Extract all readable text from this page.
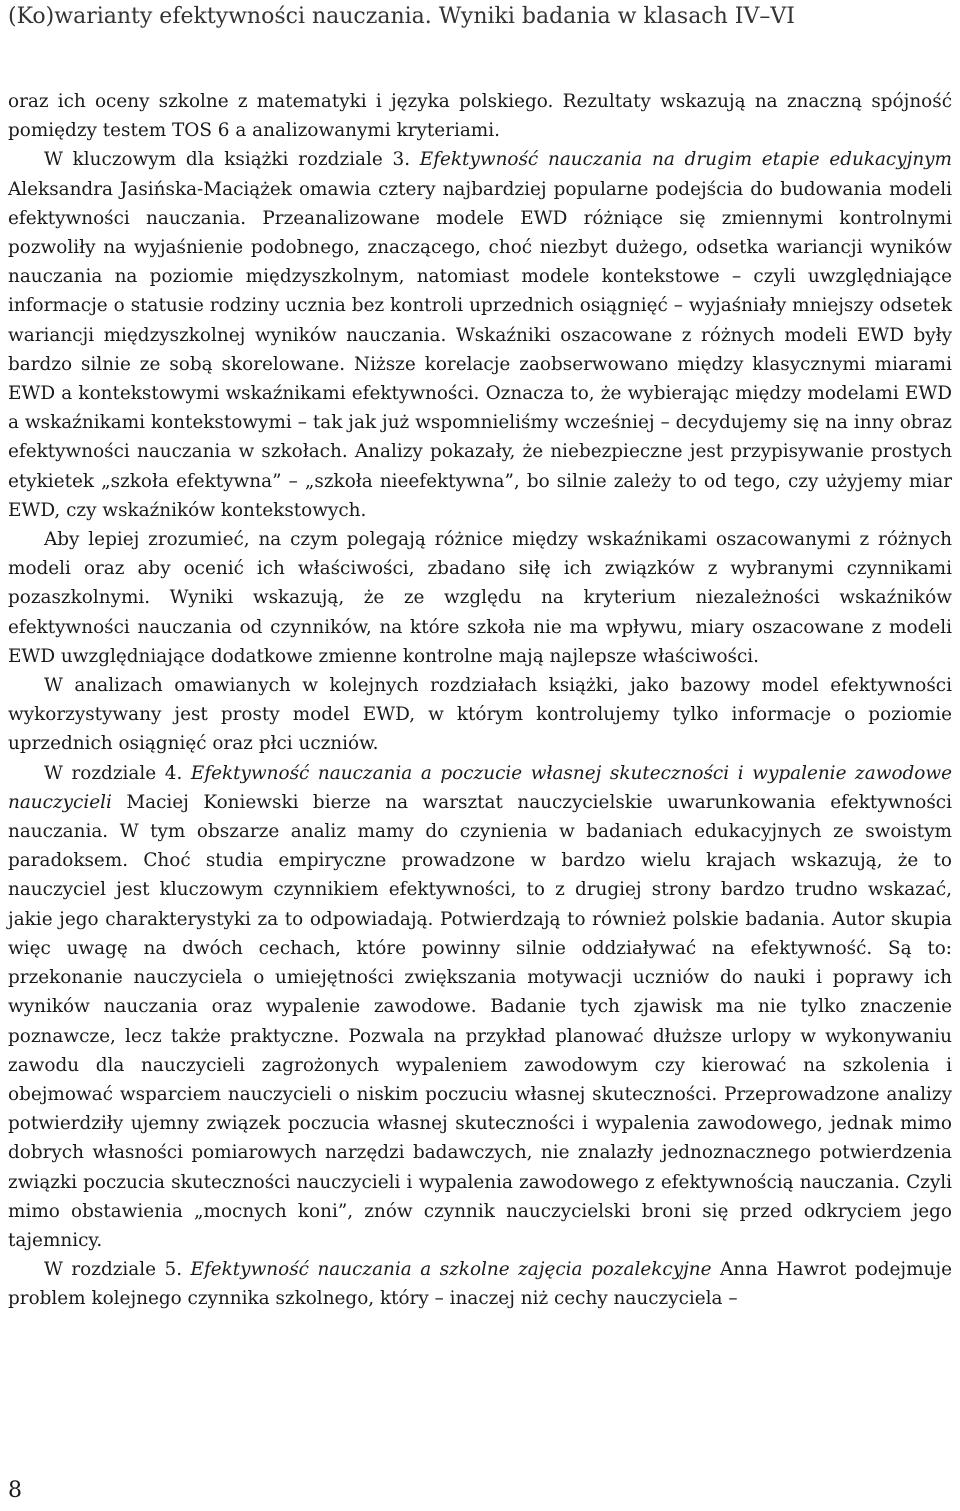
(Ko)warianty efektywności nauczania. Wyniki badania w klasach IV–VI

oraz ich oceny szkolne z matematyki i języka polskiego. Rezultaty wskazują na znaczną spójność pomiędzy testem TOS 6 a analizowanymi kryteriami.

W kluczowym dla książki rozdziale 3. Efektywność nauczania na drugim etapie edukacyjnym Aleksandra Jasińska-Maciążek omawia cztery najbardziej popularne podejścia do budowania modeli efektywności nauczania. Przeanalizowane modele EWD różniące się zmiennymi kontrolnymi pozwoliły na wyjaśnienie podobnego, znaczącego, choć niezbyt dużego, odsetka wariancji wyników nauczania na poziomie międzyszkolnym, natomiast modele kontekstowe – czyli uwzględniające informacje o statusie rodziny ucznia bez kontroli uprzednich osiągnięć – wyjaśniały mniejszy odsetek wariancji międzyszkolnej wyników nauczania. Wskaźniki oszacowane z różnych modeli EWD były bardzo silnie ze sobą skorelowane. Niższe korelacje zaobserwowano między klasycznymi miarami EWD a kontekstowymi wskaźnikami efektywności. Oznacza to, że wybierając między modelami EWD a wskaźnikami kontekstowymi – tak jak już wspomnieliśmy wcześniej – decydujemy się na inny obraz efektywności nauczania w szkołach. Analizy pokazały, że niebezpieczne jest przypisywanie prostych etykietek „szkoła efektywna” – „szkoła nieefektywna”, bo silnie zależy to od tego, czy użyjemy miar EWD, czy wskaźników kontekstowych.

Aby lepiej zrozumieć, na czym polegają różnice między wskaźnikami oszacowanymi z różnych modeli oraz aby ocenić ich właściwości, zbadano siłę ich związków z wybranymi czynnikami pozaszkolnymi. Wyniki wskazują, że ze względu na kryterium niezależności wskaźników efektywności nauczania od czynników, na które szkoła nie ma wpływu, miary oszacowane z modeli EWD uwzględniające dodatkowe zmienne kontrolne mają najlepsze właściwości.

W analizach omawianych w kolejnych rozdziałach książki, jako bazowy model efektywności wykorzystywany jest prosty model EWD, w którym kontrolujemy tylko informacje o poziomie uprzednich osiągnięć oraz płci uczniów.

W rozdziale 4. Efektywność nauczania a poczucie własnej skuteczności i wypalenie zawodowe nauczycieli Maciej Koniewski bierze na warsztat nauczycielskie uwarunkowania efektywności nauczania. W tym obszarze analiz mamy do czynienia w badaniach edukacyjnych ze swoistym paradoksem. Choć studia empiryczne prowadzone w bardzo wielu krajach wskazują, że to nauczyciel jest kluczowym czynnikiem efektywności, to z drugiej strony bardzo trudno wskazać, jakie jego charakterystyki za to odpowiadają. Potwierdzają to również polskie badania. Autor skupia więc uwagę na dwóch cechach, które powinny silnie oddziaływać na efektywność. Są to: przekonanie nauczyciela o umiejętności zwiększania motywacji uczniów do nauki i poprawy ich wyników nauczania oraz wypalenie zawodowe. Badanie tych zjawisk ma nie tylko znaczenie poznawcze, lecz także praktyczne. Pozwala na przykład planować dłuższe urlopy w wykonywaniu zawodu dla nauczycieli zagrożonych wypaleniem zawodowym czy kierować na szkolenia i obejmować wsparciem nauczycieli o niskim poczuciu własnej skuteczności. Przeprowadzone analizy potwierdziły ujemny związek poczucia własnej skuteczności i wypalenia zawodowego, jednak mimo dobrych własności pomiarowych narzędzi badawczych, nie znalazły jednoznacznego potwierdzenia związki poczucia skuteczności nauczycieli i wypalenia zawodowego z efektywnością nauczania. Czyli mimo obstawienia „mocnych koni”, znów czynnik nauczycielski broni się przed odkryciem jego tajemnicy.

W rozdziale 5. Efektywność nauczania a szkolne zajęcia pozalekcyjne Anna Hawrot podejmuje problem kolejnego czynnika szkolnego, który – inaczej niż cechy nauczyciela –

8
